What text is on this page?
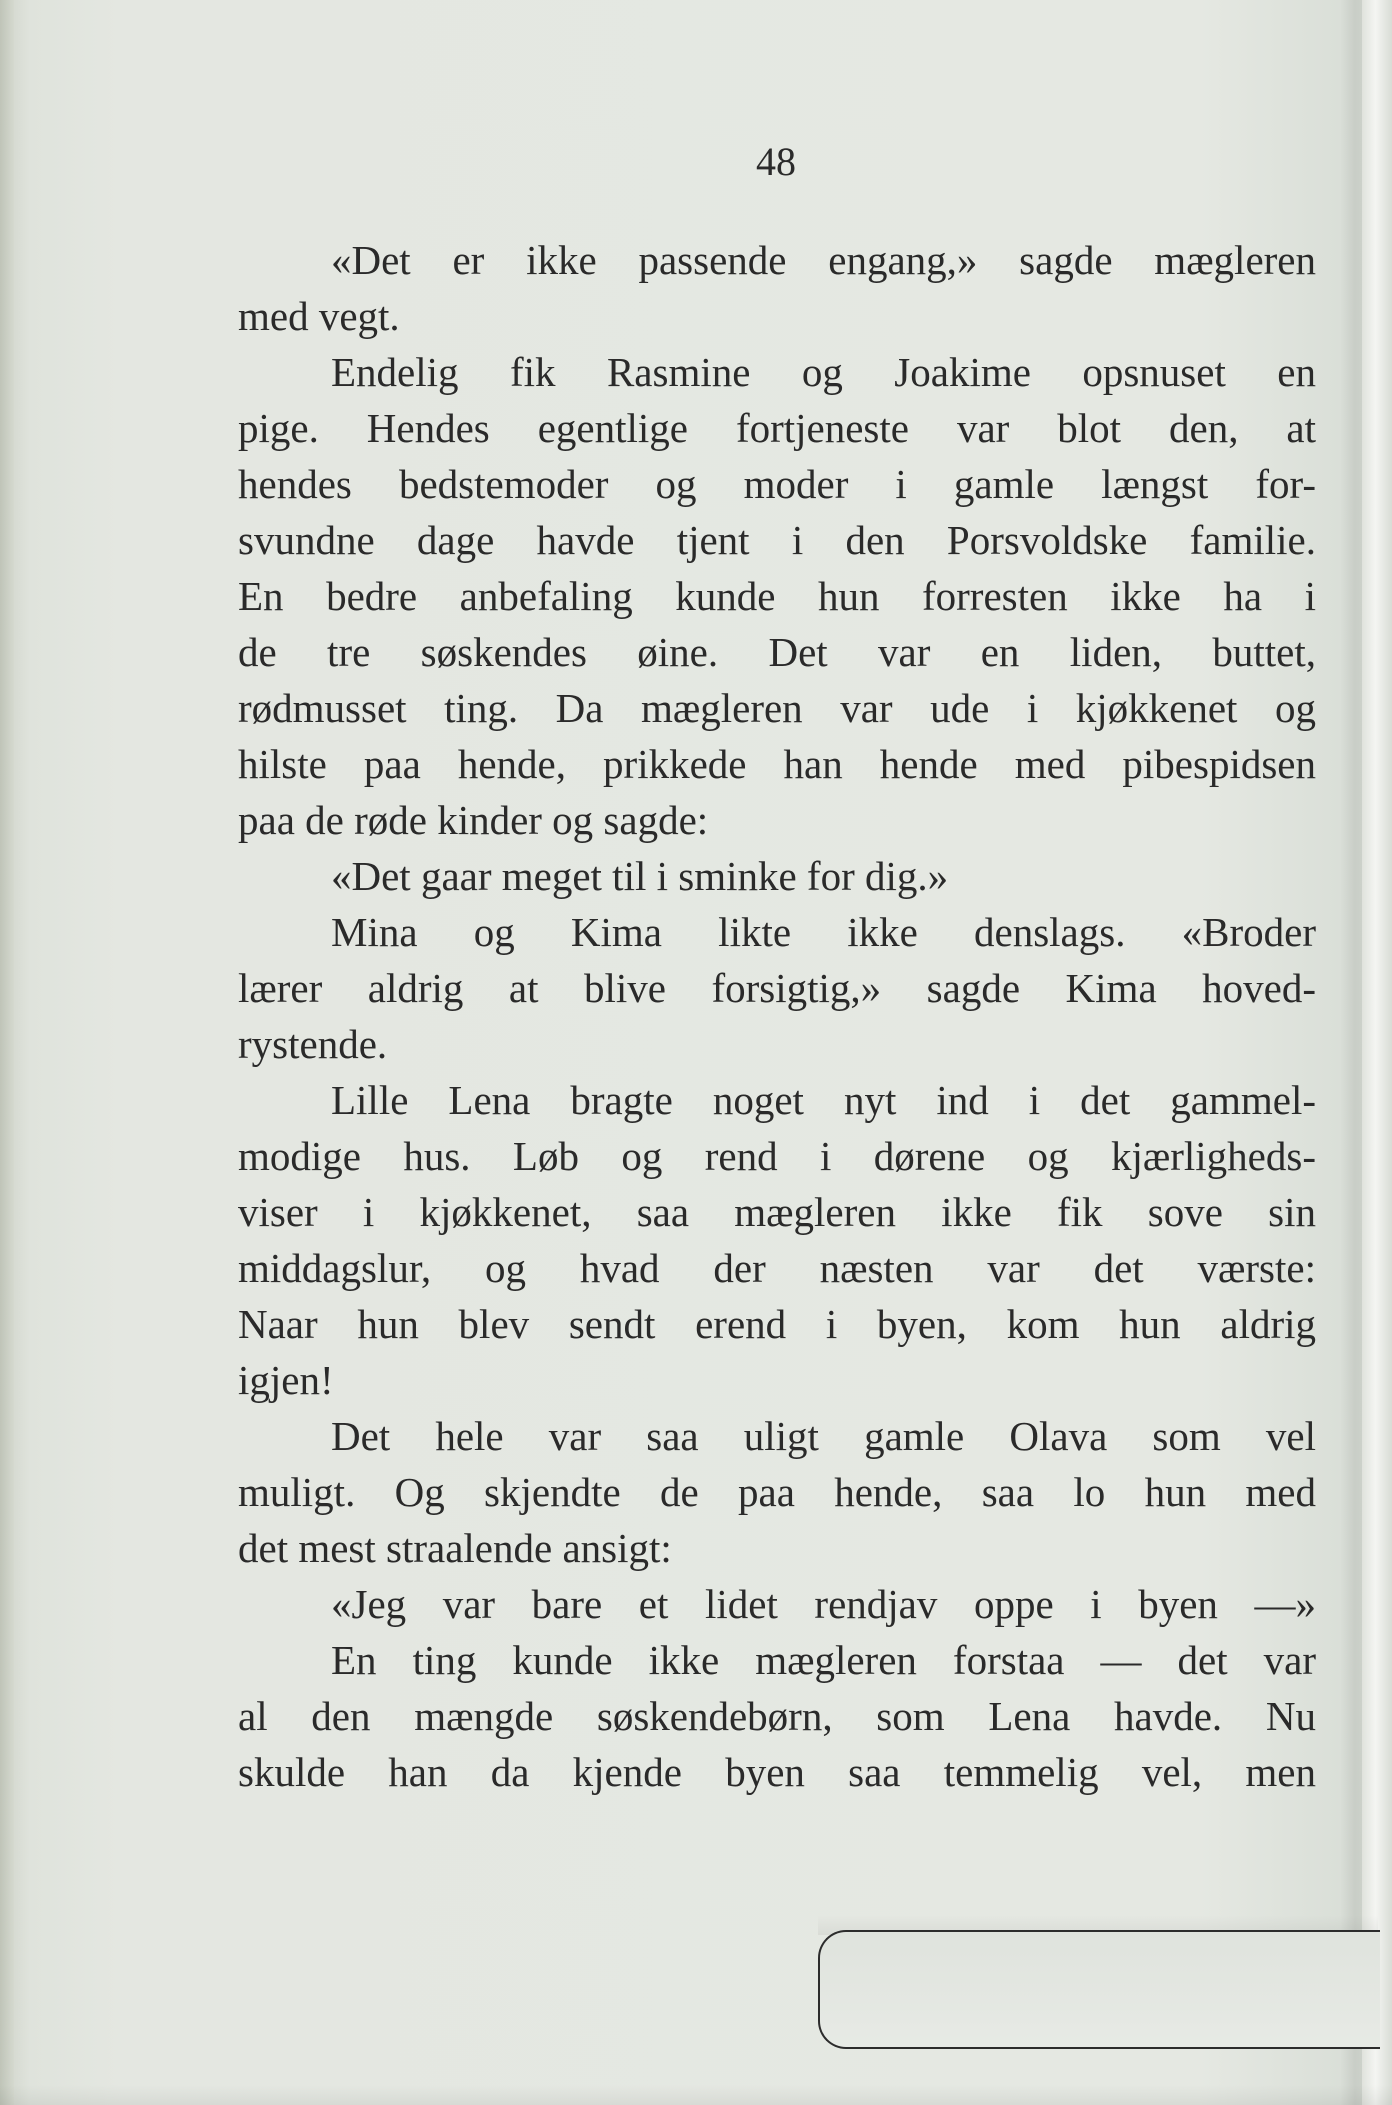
48
«Det er ikke passende engang,» sagde mægleren
med vegt.
Endelig fik Rasmine og Joakime opsnuset en
pige. Hendes egentlige fortjeneste var blot den, at
hendes bedstemoder og moder i gamle længst for-
svundne dage havde tjent i den Porsvoldske familie.
En bedre anbefaling kunde hun forresten ikke ha i
de tre søskendes øine. Det var en liden, buttet,
rødmusset ting. Da mægleren var ude i kjøkkenet og
hilste paa hende, prikkede han hende med pibespidsen
paa de røde kinder og sagde:
«Det gaar meget til i sminke for dig.»
Mina og Kima likte ikke denslags. «Broder
lærer aldrig at blive forsigtig,» sagde Kima hoved-
rystende.
Lille Lena bragte noget nyt ind i det gammel-
modige hus. Løb og rend i dørene og kjærligheds-
viser i kjøkkenet, saa mægleren ikke fik sove sin
middagslur, og hvad der næsten var det værste:
Naar hun blev sendt erend i byen, kom hun aldrig
igjen!
Det hele var saa uligt gamle Olava som vel
muligt. Og skjendte de paa hende, saa lo hun med
det mest straalende ansigt:
«Jeg var bare et lidet rendjav oppe i byen —»
En ting kunde ikke mægleren forstaa — det var
al den mængde søskendebørn, som Lena havde. Nu
skulde han da kjende byen saa temmelig vel, men
